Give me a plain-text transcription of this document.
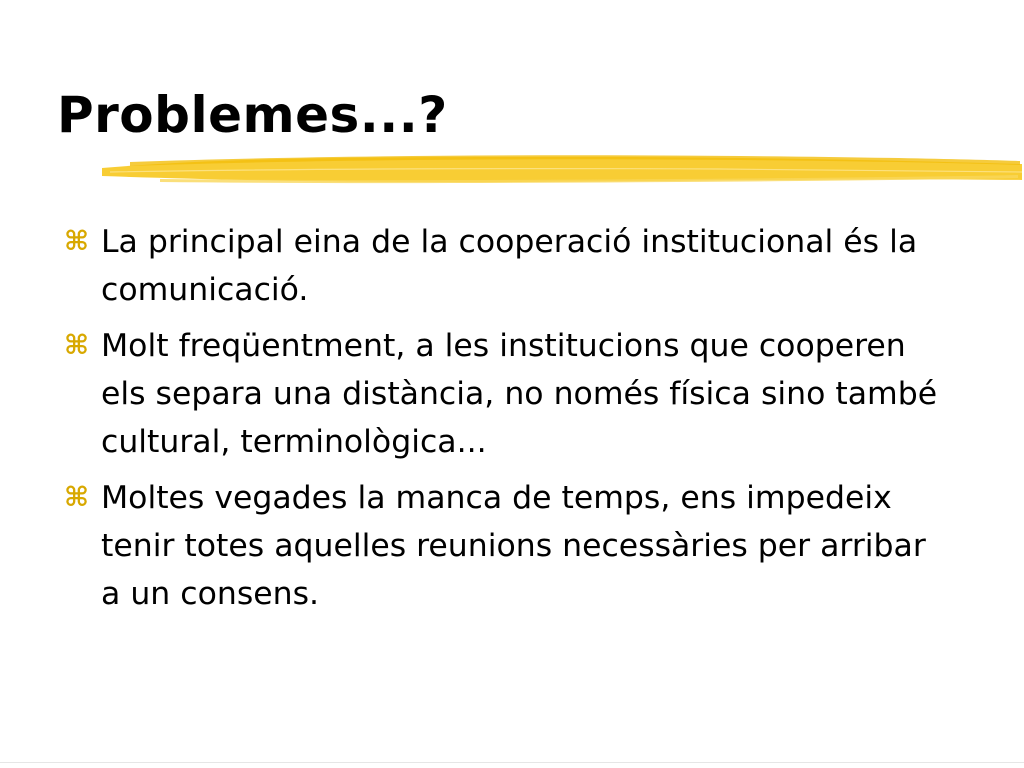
Problemes...?
⌘ La principal eina de la cooperació institucional és la comunicació.
⌘ Molt freqüentment, a les institucions que cooperen els separa una distància, no només física sino també cultural, terminològica...
⌘ Moltes vegades la manca de temps, ens impedeix tenir totes aquelles reunions necessàries per arribar a un consens.
